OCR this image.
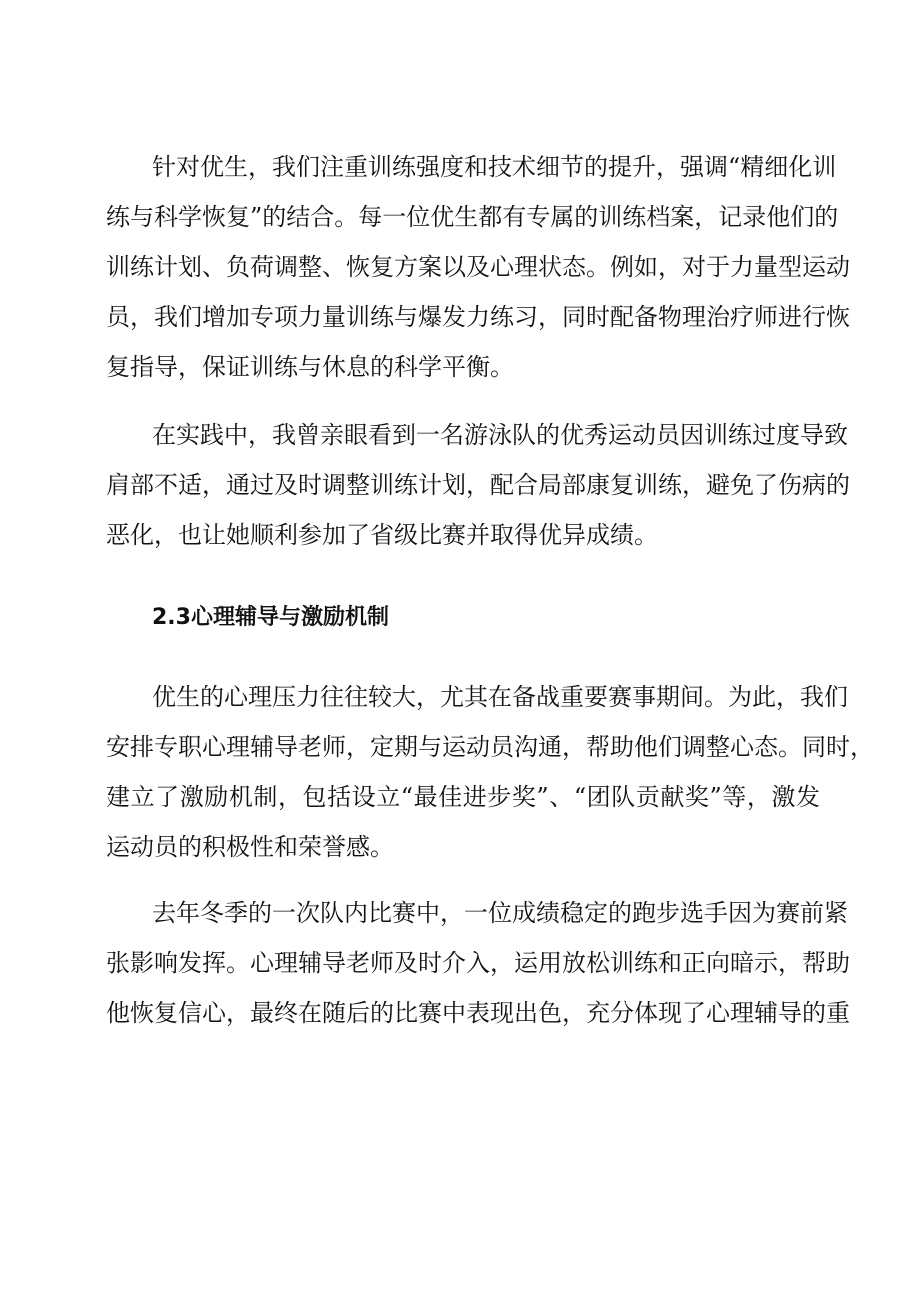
针对优生，我们注重训练强度和技术细节的提升，强调“精细化训
练与科学恢复”的结合。每一位优生都有专属的训练档案，记录他们的
训练计划、负荷调整、恢复方案以及心理状态。例如，对于力量型运动
员，我们增加专项力量训练与爆发力练习，同时配备物理治疗师进行恢
复指导，保证训练与休息的科学平衡。
在实践中，我曾亲眼看到一名游泳队的优秀运动员因训练过度导致
肩部不适，通过及时调整训练计划，配合局部康复训练，避免了伤病的
恶化，也让她顺利参加了省级比赛并取得优异成绩。
2.3心理辅导与激励机制
优生的心理压力往往较大，尤其在备战重要赛事期间。为此，我们
安排专职心理辅导老师，定期与运动员沟通，帮助他们调整心态。同时，
建立了激励机制，包括设立“最佳进步奖”、“团队贡献奖”等，激发
运动员的积极性和荣誉感。
去年冬季的一次队内比赛中，一位成绩稳定的跑步选手因为赛前紧
张影响发挥。心理辅导老师及时介入，运用放松训练和正向暗示，帮助
他恢复信心，最终在随后的比赛中表现出色，充分体现了心理辅导的重
